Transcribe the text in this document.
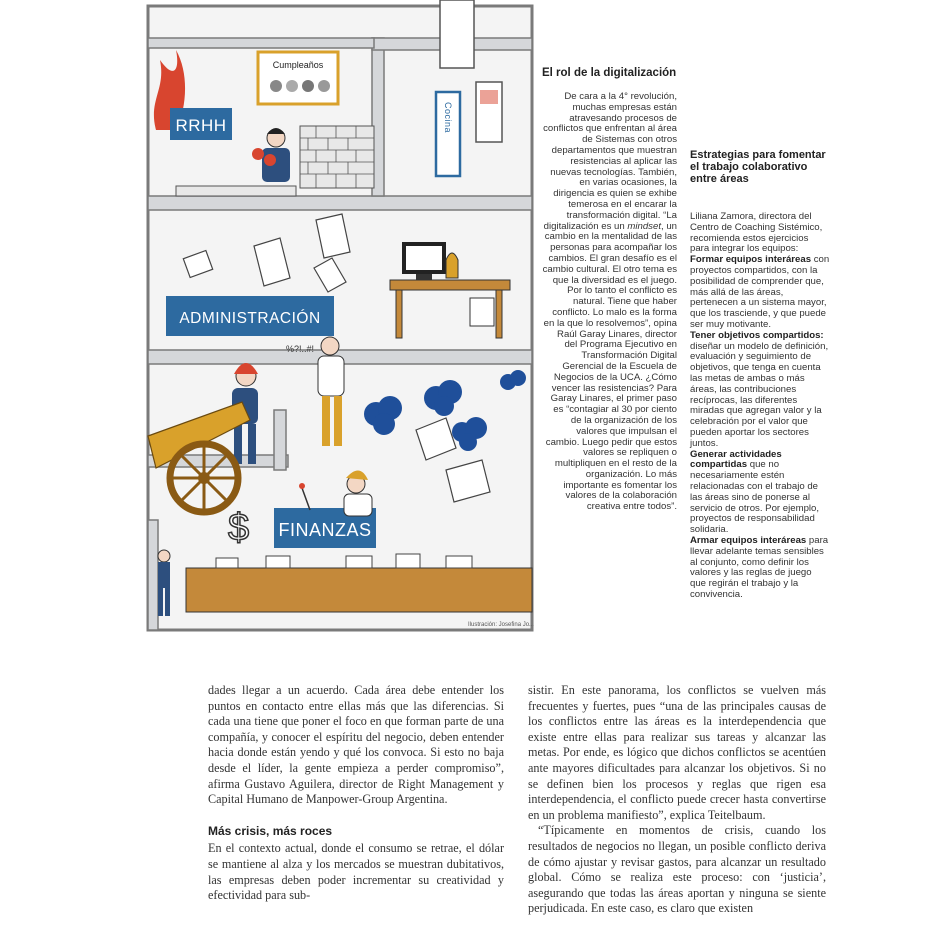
RRHH
Cumpleaños
Cocina
ADMINISTRACIÓN
%?!..#!
$ FINANZAS
Ilustración: Josefina Jo...
El rol de la digitalización

De cara a la 4° revolución, muchas empresas están atravesando procesos de conflictos que enfrentan al área de Sistemas con otros departamentos que muestran resistencias al aplicar las nuevas tecnologías. También, en varias ocasiones, la dirigencia es quien se exhibe temerosa en el encarar la transformación digital. “La digitalización es un mindset, un cambio en la mentalidad de las personas para acompañar los cambios. El gran desafío es el cambio cultural. El otro tema es que la diversidad es el juego. Por lo tanto el conflicto es natural. Tiene que haber conflicto. Lo malo es la forma en la que lo resolvemos”, opina Raúl Garay Linares, director del Programa Ejecutivo en Transformación Digital Gerencial de la Escuela de Negocios de la UCA. ¿Cómo vencer las resistencias? Para Garay Linares, el primer paso es “contagiar al 30 por ciento de la organización de los valores que impulsan el cambio. Luego pedir que estos valores se repliquen o multipliquen en el resto de la organización. Lo más importante es fomentar los valores de la colaboración creativa entre todos”.

Estrategias para fomentar el trabajo colaborativo entre áreas

Liliana Zamora, directora del Centro de Coaching Sistémico, recomienda estos ejercicios para integrar los equipos:

Formar equipos interáreas con proyectos compartidos, con la posibilidad de comprender que, más allá de las áreas, pertenecen a un sistema mayor, que los trasciende, y que puede ser muy motivante.

Tener objetivos compartidos: diseñar un modelo de definición, evaluación y seguimiento de objetivos, que tenga en cuenta las metas de ambas o más áreas, las contribuciones recíprocas, las diferentes miradas que agregan valor y la celebración por el valor que pueden aportar los sectores juntos.

Generar actividades compartidas que no necesariamente estén relacionadas con el trabajo de las áreas sino de ponerse al servicio de otros. Por ejemplo, proyectos de responsabilidad solidaria.

Armar equipos interáreas para llevar adelante temas sensibles al conjunto, como definir los valores y las reglas de juego que regirán el trabajo y la convivencia.

dades llegar a un acuerdo. Cada área debe entender los puntos en contacto entre ellas más que las diferencias. Si cada una tiene que poner el foco en que forman parte de una compañía, y conocer el espíritu del negocio, deben entender hacia donde están yendo y qué los convoca. Si esto no baja desde el líder, la gente empieza a perder compromiso”, afirma Gustavo Aguilera, director de Right Management y Capital Humano de Manpower-Group Argentina.

Más crisis, más roces

En el contexto actual, donde el consumo se retrae, el dólar se mantiene al alza y los mercados se muestran dubitativos, las empresas deben poder incrementar su creatividad y efectividad para sub-

sistir. En este panorama, los conflictos se vuelven más frecuentes y fuertes, pues “una de las principales causas de los conflictos entre las áreas es la interdependencia que existe entre ellas para realizar sus tareas y alcanzar las metas. Por ende, es lógico que dichos conflictos se acentúen ante mayores dificultades para alcanzar los objetivos. Si no se definen bien los procesos y reglas que rigen esa interdependencia, el conflicto puede crecer hasta convertirse en un problema manifiesto”, explica Teitelbaum.

“Típicamente en momentos de crisis, cuando los resultados de negocios no llegan, un posible conflicto deriva de cómo ajustar y revisar gastos, para alcanzar un resultado global. Cómo se realiza este proceso: con ‘justicia’, asegurando que todas las áreas aportan y ninguna se siente perjudicada. En este caso, es claro que existen
